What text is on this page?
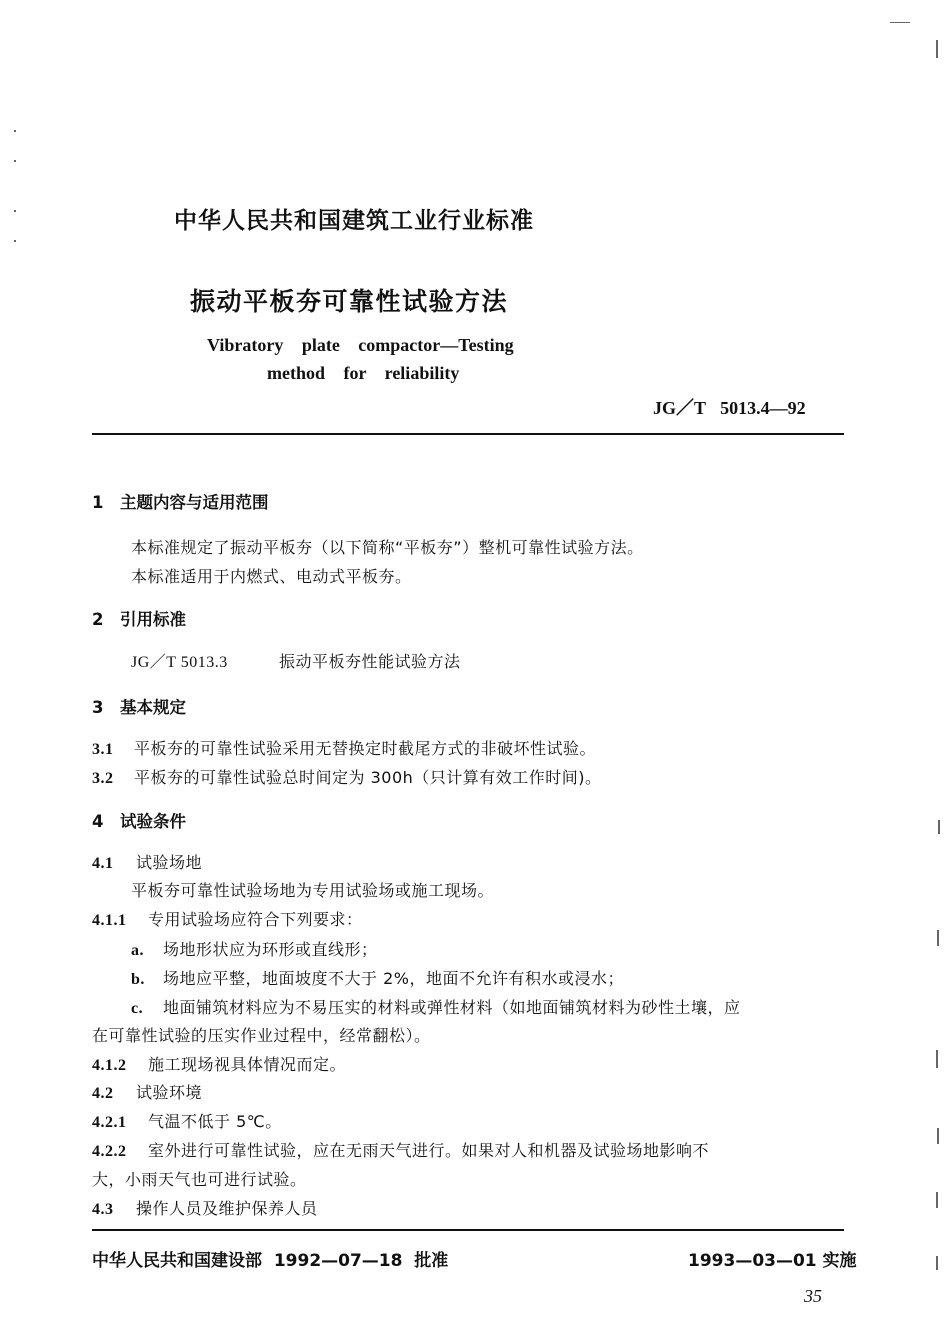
中华人民共和国建筑工业行业标准
振动平板夯可靠性试验方法
Vibratory plate compactor—Testing
method for reliability
JG／T 5013.4—92
1 主题内容与适用范围
本标准规定了振动平板夯（以下简称“平板夯”）整机可靠性试验方法。
本标准适用于内燃式、电动式平板夯。
2 引用标准
JG／T 5013.3	振动平板夯性能试验方法
3 基本规定
3.1 平板夯的可靠性试验采用无替换定时截尾方式的非破坏性试验。
3.2 平板夯的可靠性试验总时间定为 300h（只计算有效工作时间)。
4 试验条件
4.1 试验场地
平板夯可靠性试验场地为专用试验场或施工现场。
4.1.1 专用试验场应符合下列要求：
a. 场地形状应为环形或直线形；
b. 场地应平整，地面坡度不大于 2%，地面不允许有积水或浸水；
c. 地面铺筑材料应为不易压实的材料或弹性材料（如地面铺筑材料为砂性土壤，应
在可靠性试验的压实作业过程中，经常翻松）。
4.1.2 施工现场视具体情况而定。
4.2 试验环境
4.2.1 气温不低于 5℃。
4.2.2 室外进行可靠性试验，应在无雨天气进行。如果对人和机器及试验场地影响不
大，小雨天气也可进行试验。
4.3 操作人员及维护保养人员
中华人民共和国建设部  1992—07—18  批准	1993—03—01 实施
35
